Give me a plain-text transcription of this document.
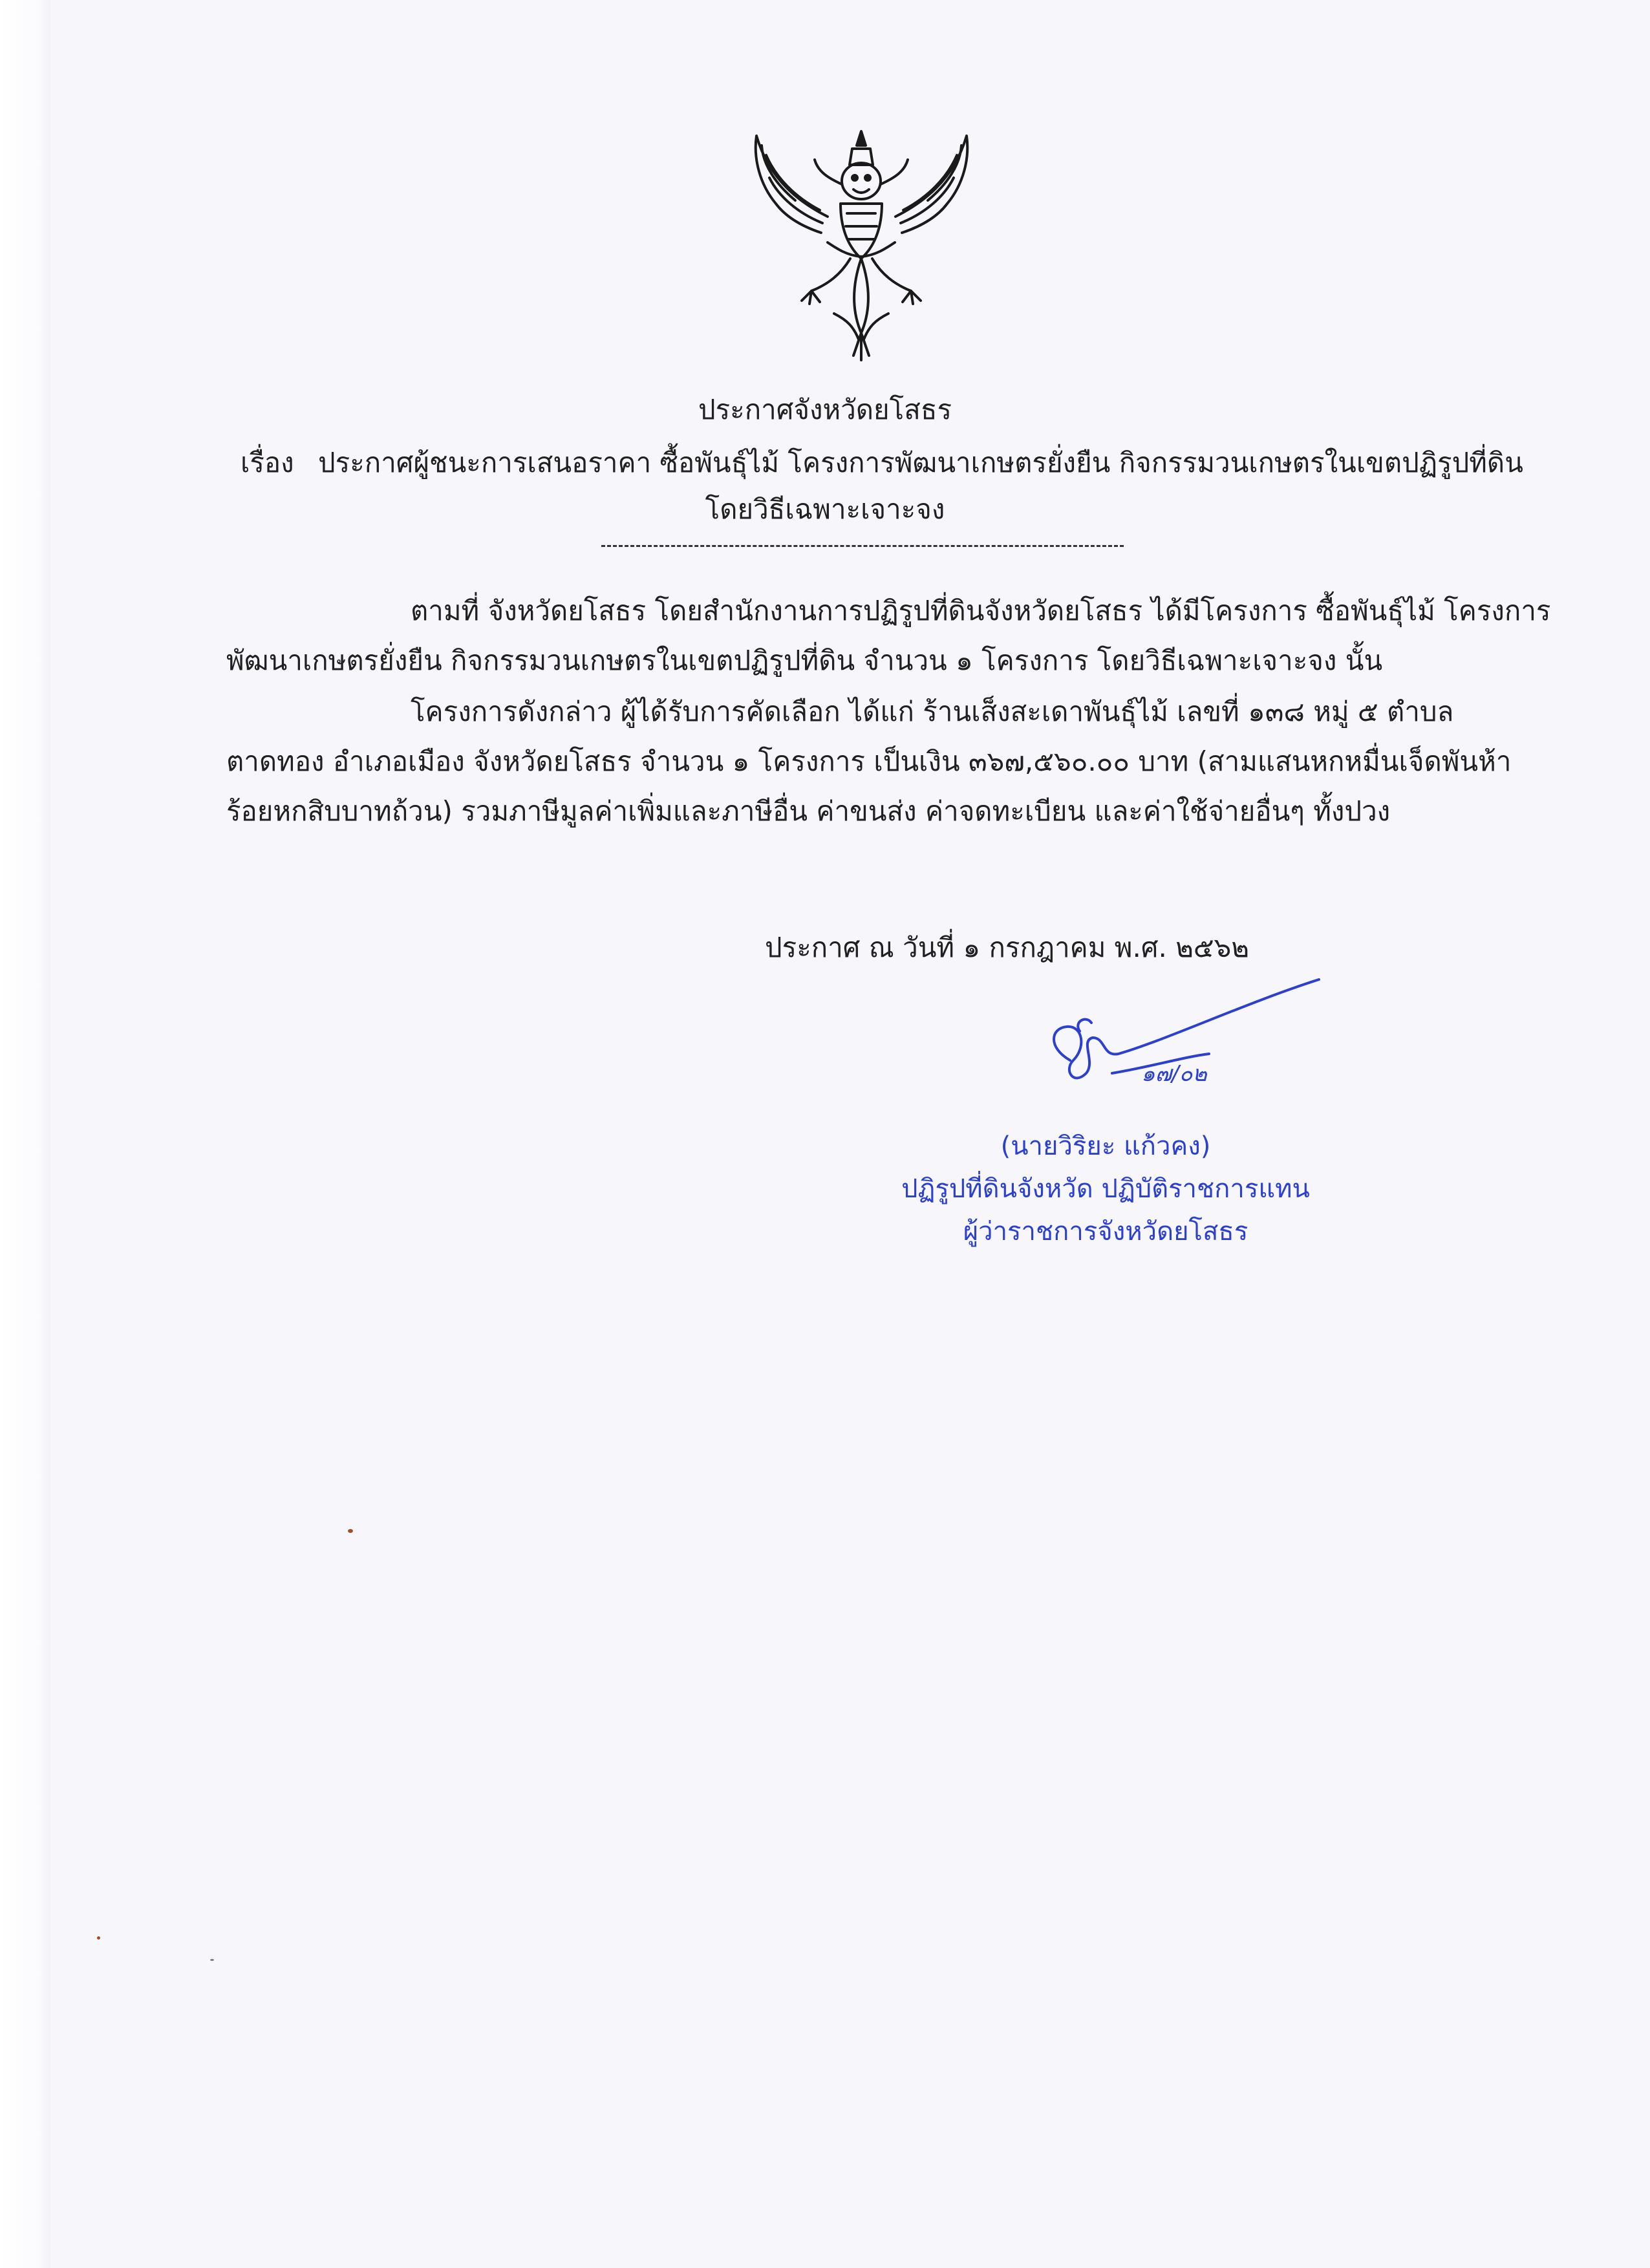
ประกาศจังหวัดยโสธร
เรื่อง ประกาศผู้ชนะการเสนอราคา ซื้อพันธุ์ไม้ โครงการพัฒนาเกษตรยั่งยืน กิจกรรมวนเกษตรในเขตปฏิรูปที่ดิน
โดยวิธีเฉพาะเจาะจง
ตามที่ จังหวัดยโสธร โดยสำนักงานการปฏิรูปที่ดินจังหวัดยโสธร ได้มีโครงการ ซื้อพันธุ์ไม้ โครงการ
พัฒนาเกษตรยั่งยืน กิจกรรมวนเกษตรในเขตปฏิรูปที่ดิน จำนวน ๑ โครงการ โดยวิธีเฉพาะเจาะจง นั้น
โครงการดังกล่าว ผู้ได้รับการคัดเลือก ได้แก่ ร้านเส็งสะเดาพันธุ์ไม้ เลขที่ ๑๓๘ หมู่ ๕ ตำบล
ตาดทอง อำเภอเมือง จังหวัดยโสธร จำนวน ๑ โครงการ เป็นเงิน ๓๖๗,๕๖๐.๐๐ บาท (สามแสนหกหมื่นเจ็ดพันห้า
ร้อยหกสิบบาทถ้วน) รวมภาษีมูลค่าเพิ่มและภาษีอื่น ค่าขนส่ง ค่าจดทะเบียน และค่าใช้จ่ายอื่นๆ ทั้งปวง
ประกาศ ณ วันที่ ๑ กรกฎาคม พ.ศ. ๒๕๖๒
๑๗/๐๒
(นายวิริยะ แก้วคง)
ปฏิรูปที่ดินจังหวัด ปฏิบัติราชการแทน
ผู้ว่าราชการจังหวัดยโสธร
